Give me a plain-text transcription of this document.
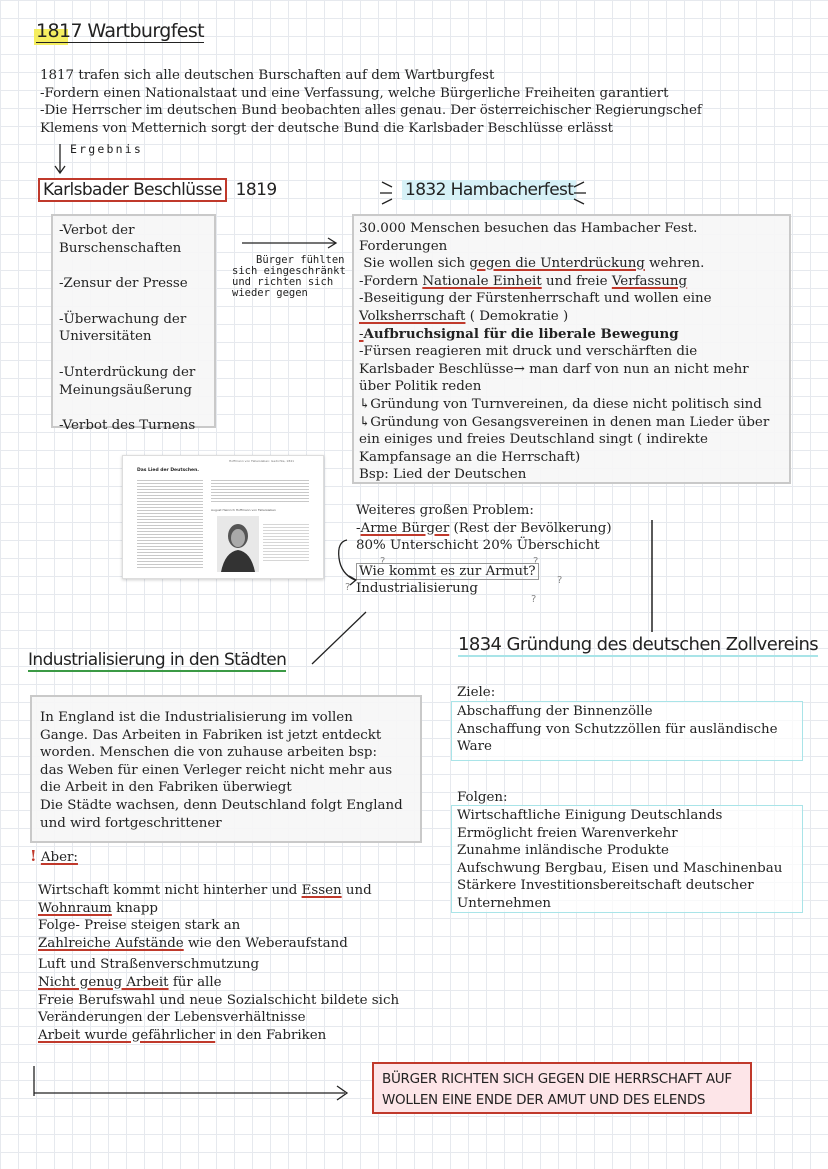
1817 Wartburgfest
1817 trafen sich alle deutschen Burschaften auf dem Wartburgfest
-Fordern einen Nationalstaat und eine Verfassung, welche Bürgerliche Freiheiten garantiert
-Die Herrscher im deutschen Bund beobachten alles genau. Der österreichischer Regierungschef
Klemens von Metternich sorgt der deutsche Bund die Karlsbader Beschlüsse erlässt
Ergebnis
Karlsbader Beschlüsse 1819
-Verbot der
Burschenschaften
-Zensur der Presse
-Überwachung der
Universitäten
-Unterdrückung der
Meinungsäußerung
-Verbot des Turnens
Bürger fühlten
sich eingeschränkt
und richten sich
wieder gegen
1832 Hambacherfest
30.000 Menschen besuchen das Hambacher Fest.
Forderungen
Sie wollen sich gegen die Unterdrückung wehren.
-Fordern Nationale Einheit und freie Verfassung
-Beseitigung der Fürstenherrschaft und wollen eine
Volksherrschaft ( Demokratie )
-Aufbruchsignal für die liberale Bewegung
-Fürsen reagieren mit druck und verschärften die
Karlsbader Beschlüsse→ man darf von nun an nicht mehr
über Politik reden
↳Gründung von Turnvereinen, da diese nicht politisch sind
↳Gründung von Gesangsvereinen in denen man Lieder über
ein einiges und freies Deutschland singt ( indirekte
Kampfansage an die Herrschaft)
Bsp: Lied der Deutschen
Das Lied der Deutschen.
Hoffmann von Fallersleben: Gedichte, 1841
August Heinrich Hoffmann von Fallersleben	Weiteres großen Problem:
-Arme Bürger (Rest der Bevölkerung)
80% Unterschicht 20% Überschicht
Wie kommt es zur Armut?
Industrialisierung
?	?
?
?
?
Industrialisierung in den Städten
In England ist die Industrialisierung im vollen
Gange. Das Arbeiten in Fabriken ist jetzt entdeckt
worden. Menschen die von zuhause arbeiten bsp:
das Weben für einen Verleger reicht nicht mehr aus
die Arbeit in den Fabriken überwiegt
Die Städte wachsen, denn Deutschland folgt England
und wird fortgeschrittener
! Aber:
Wirtschaft kommt nicht hinterher und Essen und
Wohnraum knapp
Folge- Preise steigen stark an
Zahlreiche Aufstände wie den Weberaufstand
Luft und Straßenverschmutzung
Nicht genug Arbeit für alle
Freie Berufswahl und neue Sozialschicht bildete sich
Veränderungen der Lebensverhältnisse
Arbeit wurde gefährlicher in den Fabriken
1834 Gründung des deutschen Zollvereins
Ziele:
Abschaffung der Binnenzölle
Anschaffung von Schutzzöllen für ausländische
Ware
Folgen:
Wirtschaftliche Einigung Deutschlands
Ermöglicht freien Warenverkehr
Zunahme inländische Produkte
Aufschwung Bergbau, Eisen und Maschinenbau
Stärkere Investitionsbereitschaft deutscher
Unternehmen
BÜRGER RICHTEN SICH GEGEN DIE HERRSCHAFT AUF
WOLLEN EINE ENDE DER AMUT UND DES ELENDS
